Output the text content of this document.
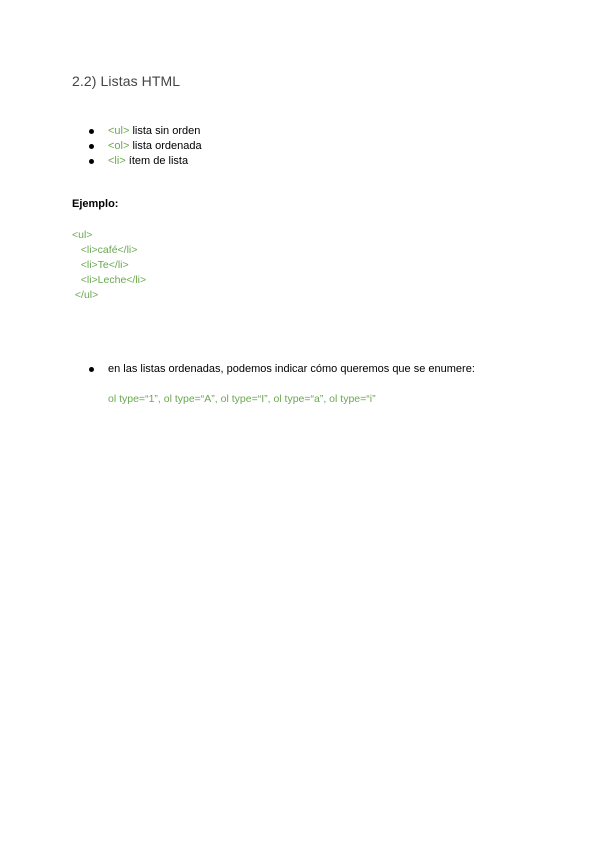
2.2) Listas HTML
<ul> lista sin orden
<ol> lista ordenada
<li> ítem de lista
Ejemplo:
<ul>
<li>café</li>
<li>Te</li>
<li>Leche</li>
</ul>
en las listas ordenadas, podemos indicar cómo queremos que se enumere:
ol type=“1”, ol type=“A”, ol type=“I”, ol type=“a”, ol type=“i”
